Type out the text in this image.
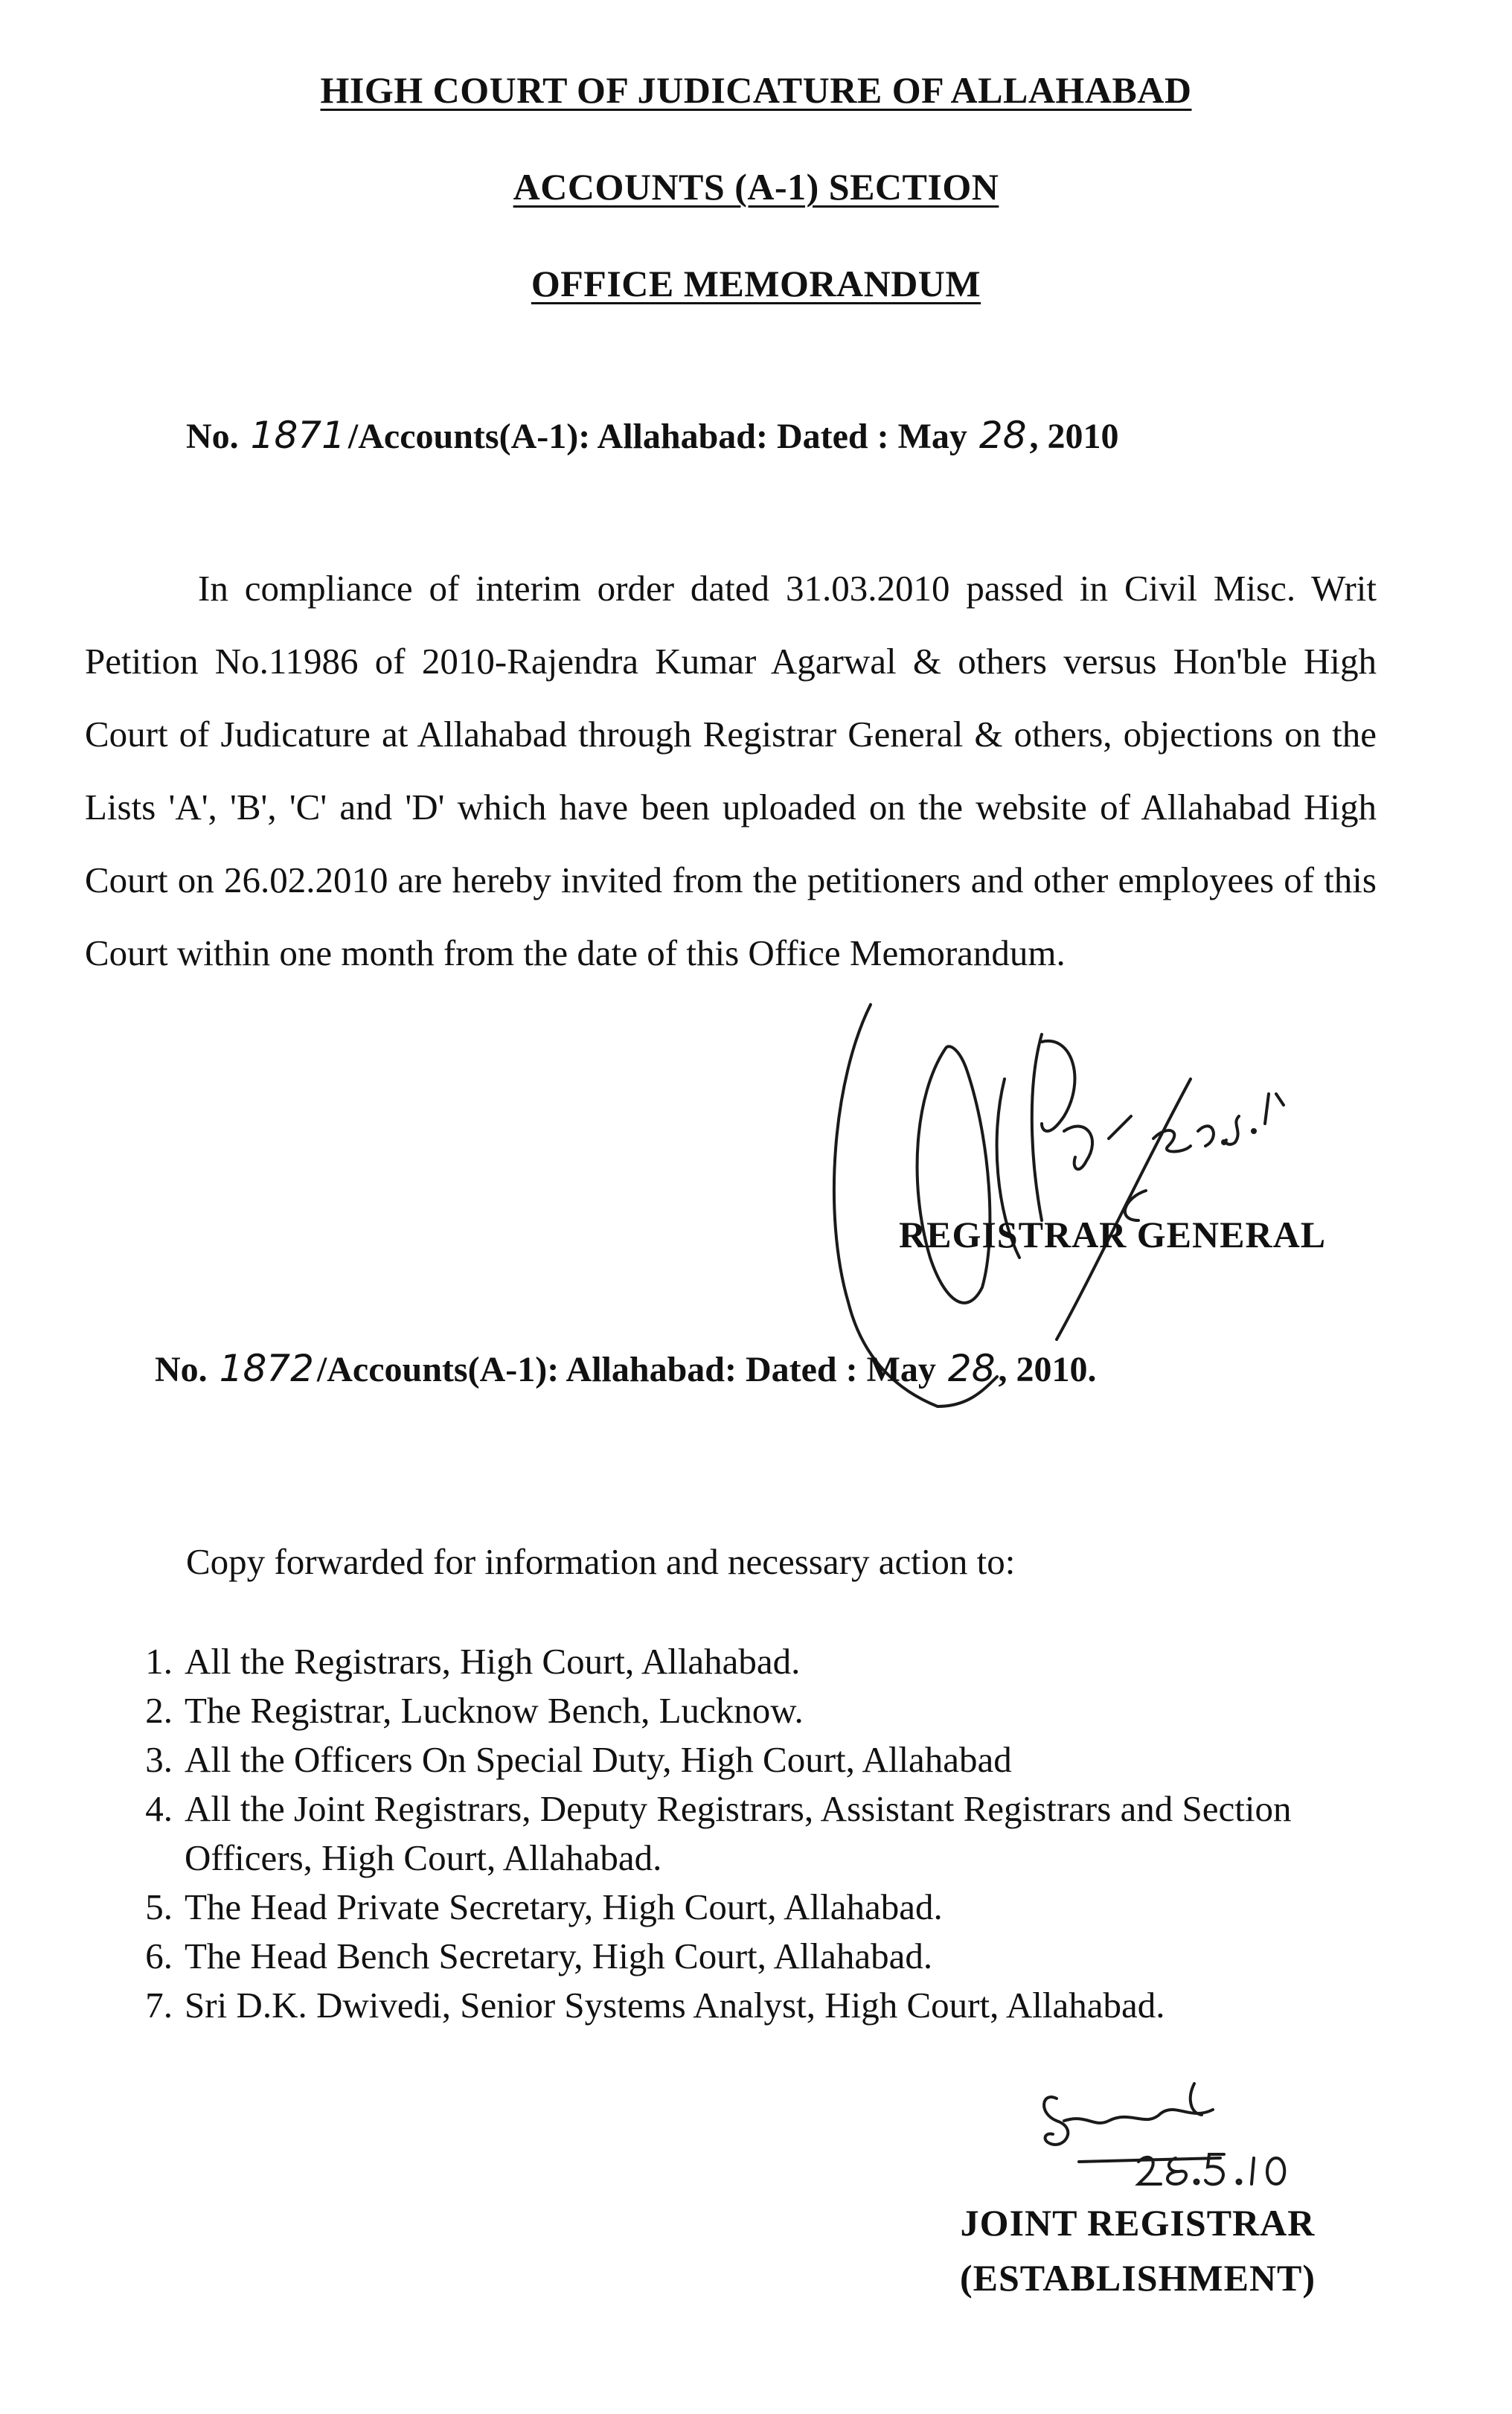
HIGH COURT OF JUDICATURE OF ALLAHABAD
ACCOUNTS (A-1) SECTION
OFFICE MEMORANDUM
No. 1871/Accounts(A-1): Allahabad: Dated : May 28, 2010
In compliance of interim order dated 31.03.2010 passed in Civil Misc. Writ Petition No.11986 of 2010-Rajendra Kumar Agarwal & others versus Hon'ble High Court of Judicature at Allahabad through Registrar General & others, objections on the Lists 'A', 'B', 'C' and 'D' which have been uploaded on the website of Allahabad High Court on 26.02.2010 are hereby invited from the petitioners and other employees of this Court within one month from the date of this Office Memorandum.
REGISTRAR GENERAL
No. 1872/Accounts(A-1): Allahabad: Dated : May 28, 2010.
Copy forwarded for information and necessary action to:
1. All the Registrars, High Court, Allahabad.
2. The Registrar, Lucknow Bench, Lucknow.
3. All the Officers On Special Duty, High Court, Allahabad
4. All the Joint Registrars, Deputy Registrars, Assistant Registrars and Section Officers, High Court, Allahabad.
5. The Head Private Secretary, High Court, Allahabad.
6. The Head Bench Secretary, High Court, Allahabad.
7. Sri D.K. Dwivedi, Senior Systems Analyst, High Court, Allahabad.
JOINT REGISTRAR
(ESTABLISHMENT)
